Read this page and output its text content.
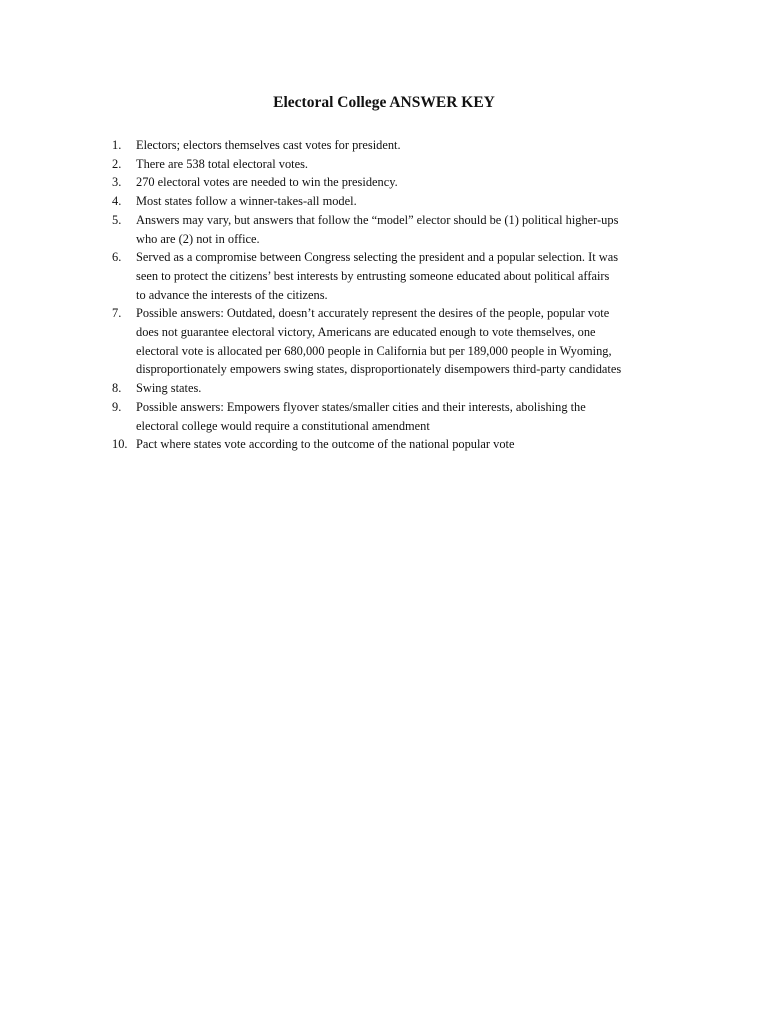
Electoral College ANSWER KEY
1.	Electors; electors themselves cast votes for president.
2.	There are 538 total electoral votes.
3.	270 electoral votes are needed to win the presidency.
4.	Most states follow a winner-takes-all model.
5.	Answers may vary, but answers that follow the “model” elector should be (1) political higher-ups
who are (2) not in office.
6.	Served as a compromise between Congress selecting the president and a popular selection. It was
seen to protect the citizens’ best interests by entrusting someone educated about political affairs
to advance the interests of the citizens.
7.	Possible answers: Outdated, doesn’t accurately represent the desires of the people, popular vote
does not guarantee electoral victory, Americans are educated enough to vote themselves, one
electoral vote is allocated per 680,000 people in California but per 189,000 people in Wyoming,
disproportionately empowers swing states, disproportionately disempowers third-party candidates
8.	Swing states.
9.	Possible answers: Empowers flyover states/smaller cities and their interests, abolishing the
electoral college would require a constitutional amendment
10. Pact where states vote according to the outcome of the national popular vote
